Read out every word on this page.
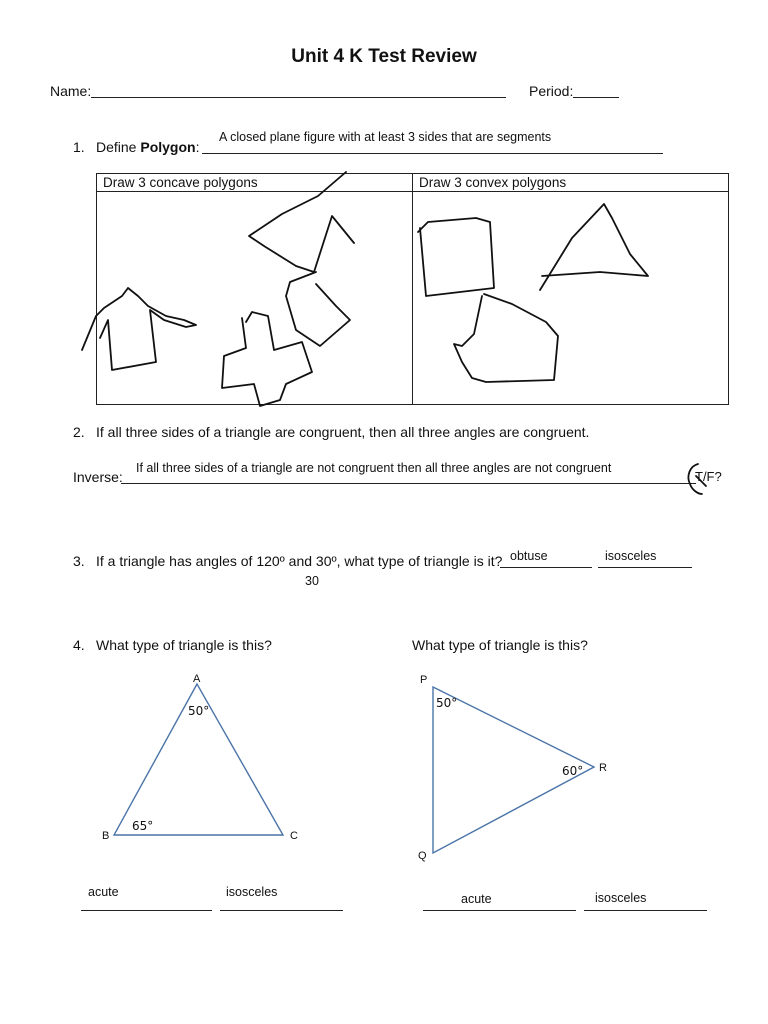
Unit 4 K Test Review
Name:	Period:
1. Define Polygon:
A closed plane figure with at least 3 sides that are segments
Draw 3 concave polygons	Draw 3 convex polygons

2. If all three sides of a triangle are congruent, then all three angles are congruent.
Inverse:
If all three sides of a triangle are not congruent then all three angles are not congruent
T/F?
3. If a triangle has angles of 120º and 30º, what type of triangle is it? obtuse	isosceles
30
4. What type of triangle is this?	What type of triangle is this?
A
B	C
50°
65°
P
R
Q
50°
60°
acute	isosceles	acute	isosceles
